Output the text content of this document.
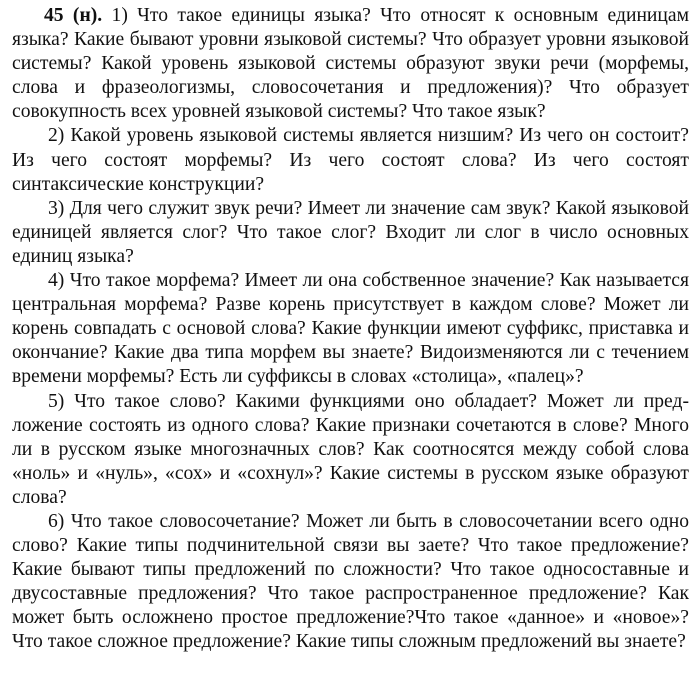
45 (н). 1) Что такое единицы языка? Что относят к основным единицам языка? Какие бывают уровни языковой системы? Что образует уровни языковой системы? Какой уровень языковой системы образуют звуки речи (морфемы, слова и фразеологизмы, словосочетания и предложения)? Что образует совокупность всех уровней языковой системы? Что такое язык?

2) Какой уровень языковой системы является низшим? Из чего он состоит? Из чего состоят морфемы? Из чего состоят слова? Из чего состоят синтаксические конструкции?

3) Для чего служит звук речи? Имеет ли значение сам звук? Какой языковой единицей является слог? Что такое слог? Входит ли слог в число основных единиц языка?

4) Что такое морфема? Имеет ли она собственное значение? Как называется центральная морфема? Разве корень присутствует в каждом слове? Может ли корень совпадать с основой слова? Какие функции имеют суффикс, приставка и окончание? Какие два типа морфем вы знаете? Видоизменяются ли с течением времени морфемы? Есть ли суффиксы в словах «столица», «палец»?

5) Что такое слово? Какими функциями оно обладает? Может ли предложение состоять из одного слова? Какие признаки сочетаются в слове? Много ли в русском языке многозначных слов? Как соотносятся между собой слова «ноль» и «нуль», «сох» и «сохнул»? Какие системы в русском языке образуют слова?

6) Что такое словосочетание? Может ли быть в словосочетании всего одно слово? Какие типы подчинительной связи вы заете? Что такое предложение? Какие бывают типы предложений по сложности? Что такое односоставные и двусоставные предложения? Что такое распространенное предложение? Как может быть осложнено простое предложение?Что такое «данное» и «новое»? Что такое сложное предложение? Какие типы сложным предложений вы знаете?
